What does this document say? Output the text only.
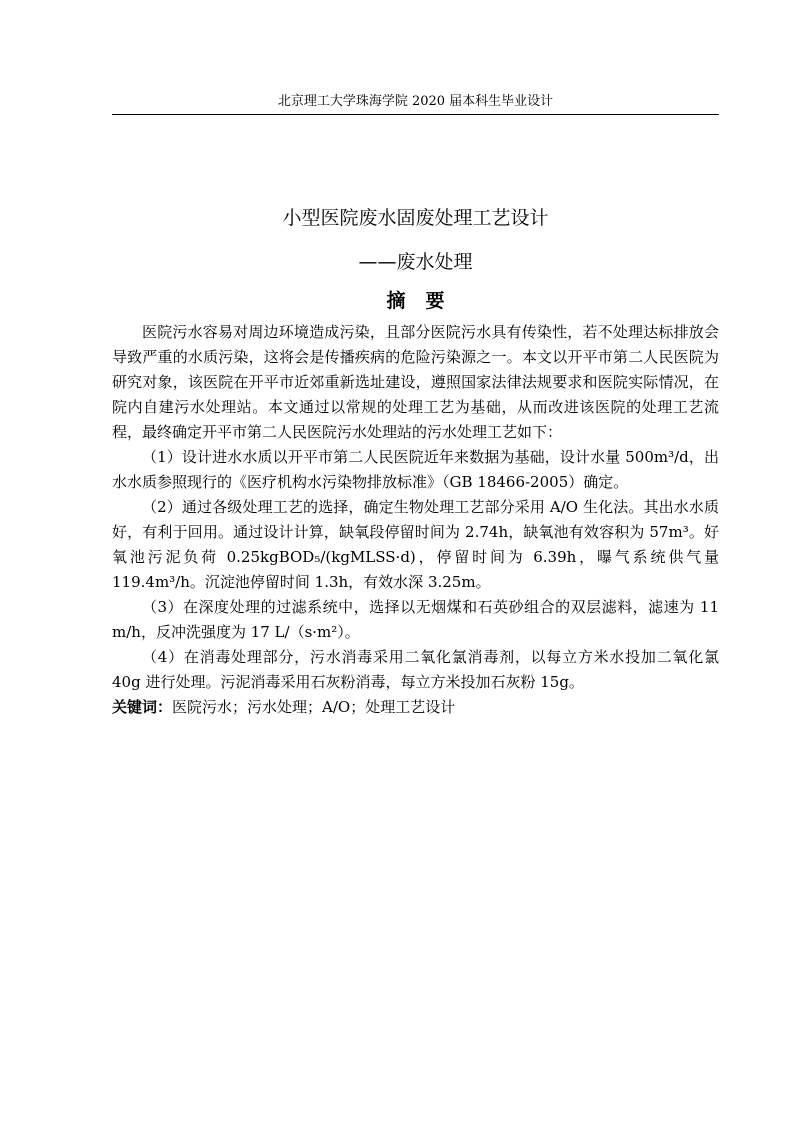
北京理工大学珠海学院 2020 届本科生毕业设计
小型医院废水固废处理工艺设计
——废水处理
摘要

医院污水容易对周边环境造成污染，且部分医院污水具有传染性，若不处理达标排放会导致严重的水质污染，这将会是传播疾病的危险污染源之一。本文以开平市第二人民医院为研究对象，该医院在开平市近郊重新选址建设，遵照国家法律法规要求和医院实际情况，在院内自建污水处理站。本文通过以常规的处理工艺为基础，从而改进该医院的处理工艺流程，最终确定开平市第二人民医院污水处理站的污水处理工艺如下：

（1）设计进水水质以开平市第二人民医院近年来数据为基础，设计水量 500m³/d，出水水质参照现行的《医疗机构水污染物排放标准》（GB 18466-2005）确定。

（2）通过各级处理工艺的选择，确定生物处理工艺部分采用 A/O 生化法。其出水水质好，有利于回用。通过设计计算，缺氧段停留时间为 2.74h，缺氧池有效容积为 57m³。好氧池污泥负荷 0.25kgBOD₅/(kgMLSS·d)，停留时间为 6.39h，曝气系统供气量 119.4m³/h。沉淀池停留时间 1.3h，有效水深 3.25m。

（3）在深度处理的过滤系统中，选择以无烟煤和石英砂组合的双层滤料，滤速为 11 m/h，反冲洗强度为 17 L/（s·m²）。

（4）在消毒处理部分，污水消毒采用二氧化氯消毒剂，以每立方米水投加二氧化氯 40g 进行处理。污泥消毒采用石灰粉消毒，每立方米投加石灰粉 15g。

关键词：医院污水；污水处理；A/O；处理工艺设计
